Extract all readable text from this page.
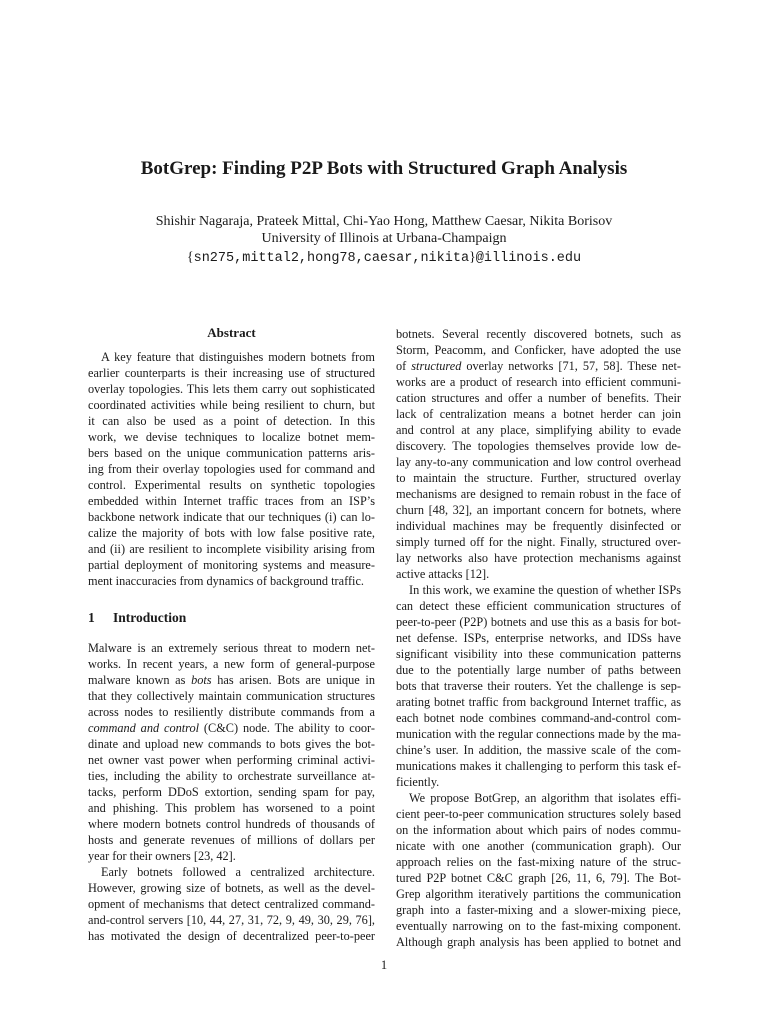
BotGrep: Finding P2P Bots with Structured Graph Analysis
Shishir Nagaraja, Prateek Mittal, Chi-Yao Hong, Matthew Caesar, Nikita Borisov
University of Illinois at Urbana-Champaign
{sn275,mittal2,hong78,caesar,nikita}@illinois.edu
Abstract
A key feature that distinguishes modern botnets from
earlier counterparts is their increasing use of structured
overlay topologies. This lets them carry out sophisticated
coordinated activities while being resilient to churn, but
it can also be used as a point of detection. In this
work, we devise techniques to localize botnet mem-
bers based on the unique communication patterns aris-
ing from their overlay topologies used for command and
control. Experimental results on synthetic topologies
embedded within Internet traffic traces from an ISP’s
backbone network indicate that our techniques (i) can lo-
calize the majority of bots with low false positive rate,
and (ii) are resilient to incomplete visibility arising from
partial deployment of monitoring systems and measure-
ment inaccuracies from dynamics of background traffic.
1 Introduction
Malware is an extremely serious threat to modern net-
works. In recent years, a new form of general-purpose
malware known as bots has arisen. Bots are unique in
that they collectively maintain communication structures
across nodes to resiliently distribute commands from a
command and control (C&C) node. The ability to coor-
dinate and upload new commands to bots gives the bot-
net owner vast power when performing criminal activi-
ties, including the ability to orchestrate surveillance at-
tacks, perform DDoS extortion, sending spam for pay,
and phishing. This problem has worsened to a point
where modern botnets control hundreds of thousands of
hosts and generate revenues of millions of dollars per
year for their owners [23, 42].
Early botnets followed a centralized architecture.
However, growing size of botnets, as well as the devel-
opment of mechanisms that detect centralized command-
and-control servers [10, 44, 27, 31, 72, 9, 49, 30, 29, 76],
has motivated the design of decentralized peer-to-peer
botnets. Several recently discovered botnets, such as
Storm, Peacomm, and Conficker, have adopted the use
of structured overlay networks [71, 57, 58]. These net-
works are a product of research into efficient communi-
cation structures and offer a number of benefits. Their
lack of centralization means a botnet herder can join
and control at any place, simplifying ability to evade
discovery. The topologies themselves provide low de-
lay any-to-any communication and low control overhead
to maintain the structure. Further, structured overlay
mechanisms are designed to remain robust in the face of
churn [48, 32], an important concern for botnets, where
individual machines may be frequently disinfected or
simply turned off for the night. Finally, structured over-
lay networks also have protection mechanisms against
active attacks [12].
In this work, we examine the question of whether ISPs
can detect these efficient communication structures of
peer-to-peer (P2P) botnets and use this as a basis for bot-
net defense. ISPs, enterprise networks, and IDSs have
significant visibility into these communication patterns
due to the potentially large number of paths between
bots that traverse their routers. Yet the challenge is sep-
arating botnet traffic from background Internet traffic, as
each botnet node combines command-and-control com-
munication with the regular connections made by the ma-
chine’s user. In addition, the massive scale of the com-
munications makes it challenging to perform this task ef-
ficiently.
We propose BotGrep, an algorithm that isolates effi-
cient peer-to-peer communication structures solely based
on the information about which pairs of nodes commu-
nicate with one another (communication graph). Our
approach relies on the fast-mixing nature of the struc-
tured P2P botnet C&C graph [26, 11, 6, 79]. The Bot-
Grep algorithm iteratively partitions the communication
graph into a faster-mixing and a slower-mixing piece,
eventually narrowing on to the fast-mixing component.
Although graph analysis has been applied to botnet and
1
